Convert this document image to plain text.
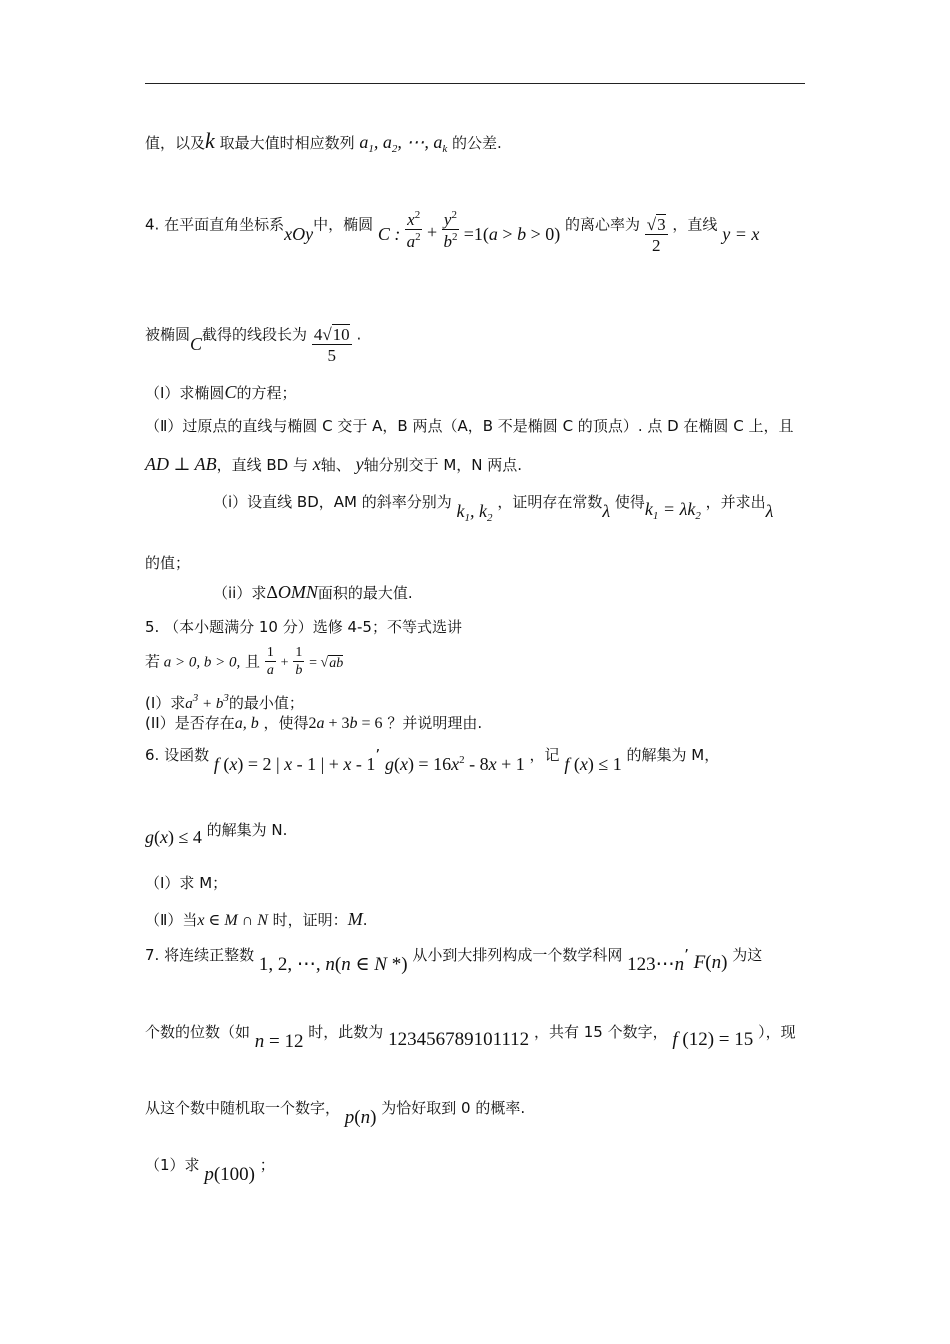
值，以及k 取最大值时相应数列 $a_1$, $a_2$, ⋯, $a_k$ 的公差.
4. 在平面直角坐标系xOy中，椭圆 C : $\frac{x^2}{a^2} + \frac{y^2}{b^2} =1(a > b > 0)$ 的离心率为 $\frac{√3}{2}$ ，直线 y = x
被椭圆C截得的线段长为 $\frac{4√10}{5}$ .
（Ⅰ）求椭圆C的方程；
（Ⅱ）过原点的直线与椭圆 C 交于 A，B 两点（A，B 不是椭圆 C 的顶点）. 点 D 在椭圆 C 上，且
AD ⊥ AB，直线 BD 与 x轴、 y轴分别交于 M，N 两点.
（i）设直线 BD，AM 的斜率分别为 $k_1$, $k_2$ ，证明存在常数λ 使得$k_1 = \lambda k_2$ ，并求出λ
的值；
（ii）求ΔOMN面积的最大值.
5. （本小题满分 10 分）选修 4-5；不等式选讲
若 a > 0, b > 0, 且 $\frac{1}{a} + \frac{1}{b} = √ab$
(I）求$a^3 + b^3$的最小值；
(II）是否存在a, b ，使得2a + 3b = 6 ？并说明理由.
6. 设函数 f (x) = 2 | x - 1 | + x - 1’ $g(x) = 16x^2 - 8x + 1$ ，记 f (x) ≤ 1 的解集为 M，
g(x) ≤ 4 的解集为 N.
（Ⅰ）求 M；
（Ⅱ）当x ∈ M ∩ N 时，证明：M.
7. 将连续正整数 1, 2, ⋯, n(n ∈ N *) 从小到大排列构成一个数学科网 123⋯n’ F(n) 为这
个数的位数（如 n = 12 时，此数为 123456789101112 ，共有 15 个数字， f (12) = 15 ），现
从这个数中随机取一个数字， p(n) 为恰好取到 0 的概率.
（1）求 p(100) ；
